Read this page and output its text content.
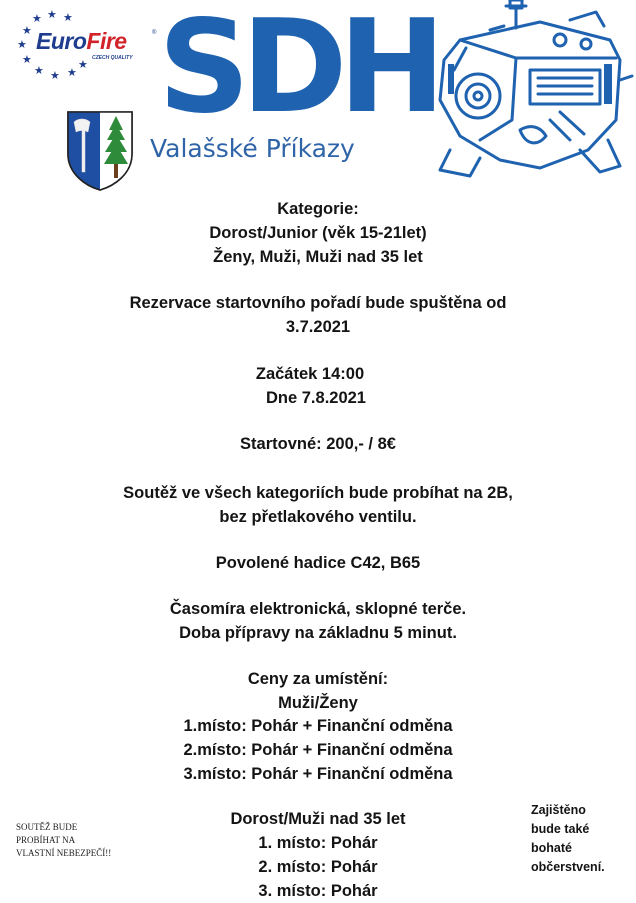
★ ★
★
★
★
★
★ ★ ★
★
EuroFire	®
CZECH QUALITY SDH
Valašské Příkazy
Kategorie:
Dorost/Junior (věk 15-21let)
Ženy, Muži, Muži nad 35 let
Rezervace startovního pořadí bude spuštěna od
3.7.2021
Začátek 14:00
Dne 7.8.2021
Startovné: 200,- / 8€
Soutěž ve všech kategoriích bude probíhat na 2B,
bez přetlakového ventilu.
Povolené hadice C42, B65
Časomíra elektronická, sklopné terče.
Doba přípravy na základnu 5 minut.
Ceny za umístění:
Muži/Ženy
1.místo: Pohár + Finanční odměna
2.místo: Pohár + Finanční odměna
3.místo: Pohár + Finanční odměna
Dorost/Muži nad 35 let
1. místo: Pohár
2. místo: Pohár
3. místo: Pohár
SOUTĚŽ BUDE
PROBÍHAT NA
VLASTNÍ NEBEZPEČÍ!!
Zajištěno
bude také
bohaté
občerstvení.
